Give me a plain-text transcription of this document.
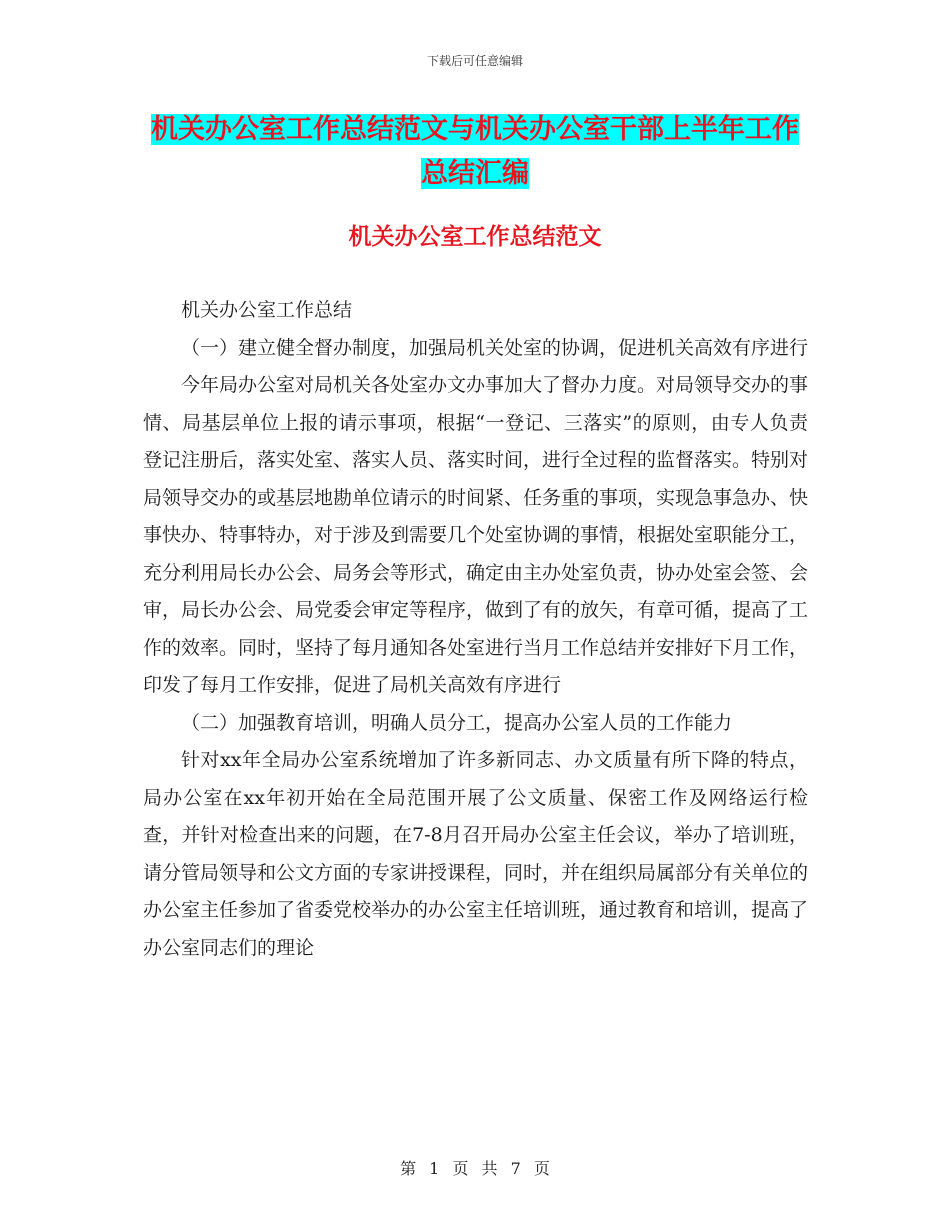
下载后可任意编辑
机关办公室工作总结范文与机关办公室干部上半年工作总结汇编
机关办公室工作总结范文

机关办公室工作总结

（一）建立健全督办制度，加强局机关处室的协调，促进机关高效有序进行

今年局办公室对局机关各处室办文办事加大了督办力度。对局领导交办的事情、局基层单位上报的请示事项，根据“一登记、三落实”的原则，由专人负责登记注册后，落实处室、落实人员、落实时间，进行全过程的监督落实。特别对局领导交办的或基层地勘单位请示的时间紧、任务重的事项，实现急事急办、快事快办、特事特办，对于涉及到需要几个处室协调的事情，根据处室职能分工，充分利用局长办公会、局务会等形式，确定由主办处室负责，协办处室会签、会审，局长办公会、局党委会审定等程序，做到了有的放矢，有章可循，提高了工作的效率。同时，坚持了每月通知各处室进行当月工作总结并安排好下月工作，印发了每月工作安排，促进了局机关高效有序进行

（二）加强教育培训，明确人员分工，提高办公室人员的工作能力

针对xx年全局办公室系统增加了许多新同志、办文质量有所下降的特点，局办公室在xx年初开始在全局范围开展了公文质量、保密工作及网络运行检查，并针对检查出来的问题，在7-8月召开局办公室主任会议，举办了培训班，请分管局领导和公文方面的专家讲授课程，同时，并在组织局属部分有关单位的办公室主任参加了省委党校举办的办公室主任培训班，通过教育和培训，提高了办公室同志们的理论

第 1 页 共 7 页
